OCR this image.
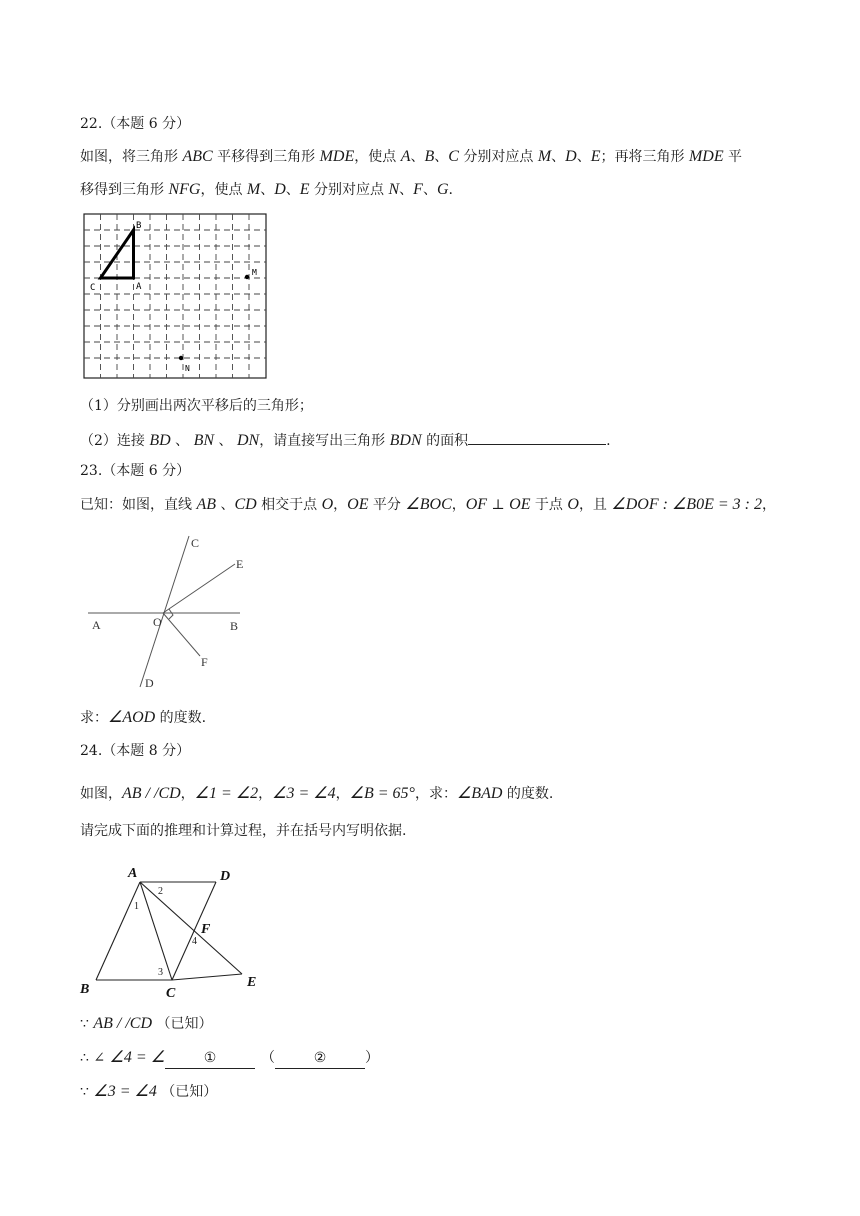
22.（本题 6 分）
如图，将三角形 ABC 平移得到三角形 MDE，使点 A、B、C 分别对应点 M、D、E；再将三角形 MDE 平
移得到三角形 NFG，使点 M、D、E 分别对应点 N、F、G.
B
C	A
M
N
（1）分别画出两次平移后的三角形；
（2）连接 BD 、 BN 、 DN，请直接写出三角形 BDN 的面积	.
23.（本题 6 分）
已知：如图，直线 AB 、CD 相交于点 O，OE 平分 ∠BOC，OF ⊥ OE 于点 O，且 ∠DOF : ∠B0E = 3 : 2，
C
E
A	O	B
F
D
求：∠AOD 的度数.
24.（本题 8 分）
如图，AB / /CD，∠1 = ∠2，∠3 = ∠4，∠B = 65°，求：∠BAD 的度数.
请完成下面的推理和计算过程，并在括号内写明依据.
A	D
B	C
E
F
1
2
3
4
∵ AB / /CD （已知）
∴ ∠ ∠4 = ∠	①	（	②	）
∵ ∠3 = ∠4 （已知）
